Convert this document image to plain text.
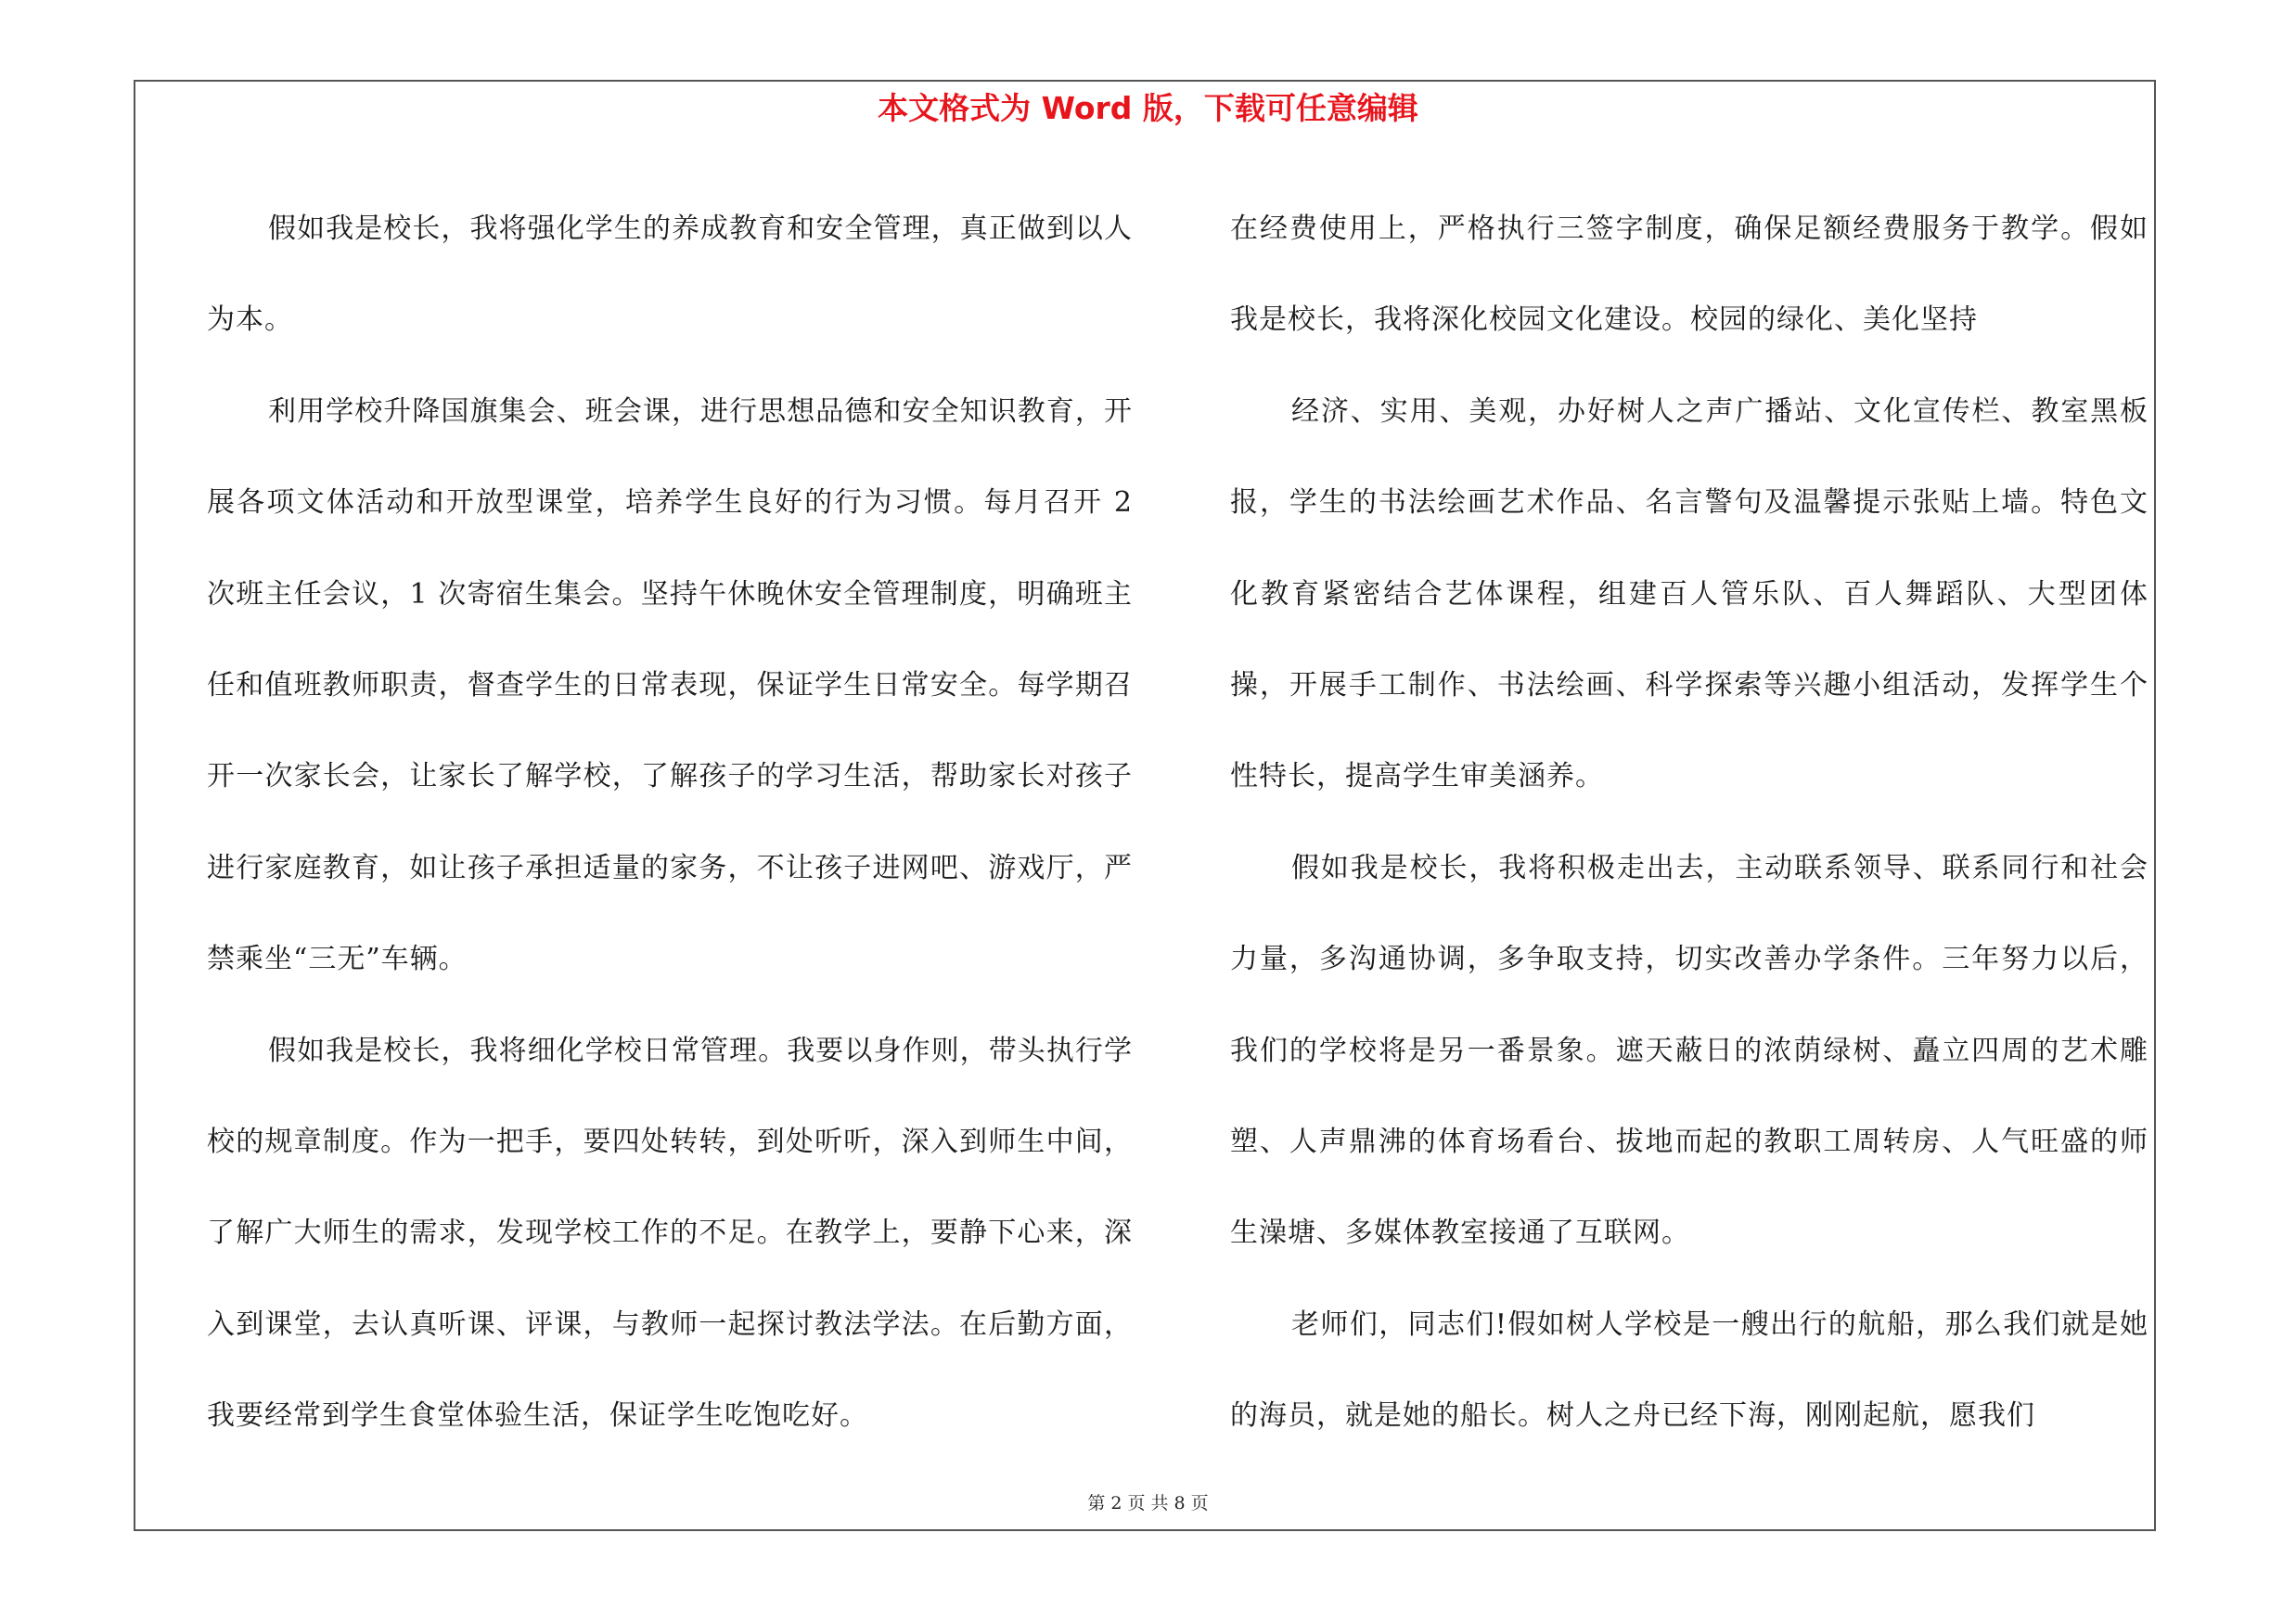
本文格式为 Word 版，下载可任意编辑

假如我是校长，我将强化学生的养成教育和安全管理，真正做到以人为本。

利用学校升降国旗集会、班会课，进行思想品德和安全知识教育，开展各项文体活动和开放型课堂，培养学生良好的行为习惯。每月召开 2 次班主任会议，1 次寄宿生集会。坚持午休晚休安全管理制度，明确班主任和值班教师职责，督查学生的日常表现，保证学生日常安全。每学期召开一次家长会，让家长了解学校，了解孩子的学习生活，帮助家长对孩子进行家庭教育，如让孩子承担适量的家务，不让孩子进网吧、游戏厅，严禁乘坐“三无”车辆。

假如我是校长，我将细化学校日常管理。我要以身作则，带头执行学校的规章制度。作为一把手，要四处转转，到处听听，深入到师生中间，了解广大师生的需求，发现学校工作的不足。在教学上，要静下心来，深入到课堂，去认真听课、评课，与教师一起探讨教法学法。在后勤方面，我要经常到学生食堂体验生活，保证学生吃饱吃好。

在经费使用上，严格执行三签字制度，确保足额经费服务于教学。假如我是校长，我将深化校园文化建设。校园的绿化、美化坚持

经济、实用、美观，办好树人之声广播站、文化宣传栏、教室黑板报，学生的书法绘画艺术作品、名言警句及温馨提示张贴上墙。特色文化教育紧密结合艺体课程，组建百人管乐队、百人舞蹈队、大型团体操，开展手工制作、书法绘画、科学探索等兴趣小组活动，发挥学生个性特长，提高学生审美涵养。

假如我是校长，我将积极走出去，主动联系领导、联系同行和社会力量，多沟通协调，多争取支持，切实改善办学条件。三年努力以后，我们的学校将是另一番景象。遮天蔽日的浓荫绿树、矗立四周的艺术雕塑、人声鼎沸的体育场看台、拔地而起的教职工周转房、人气旺盛的师生澡塘、多媒体教室接通了互联网。

老师们，同志们!假如树人学校是一艘出行的航船，那么我们就是她的海员，就是她的船长。树人之舟已经下海，刚刚起航，愿我们

第 2 页 共 8 页
